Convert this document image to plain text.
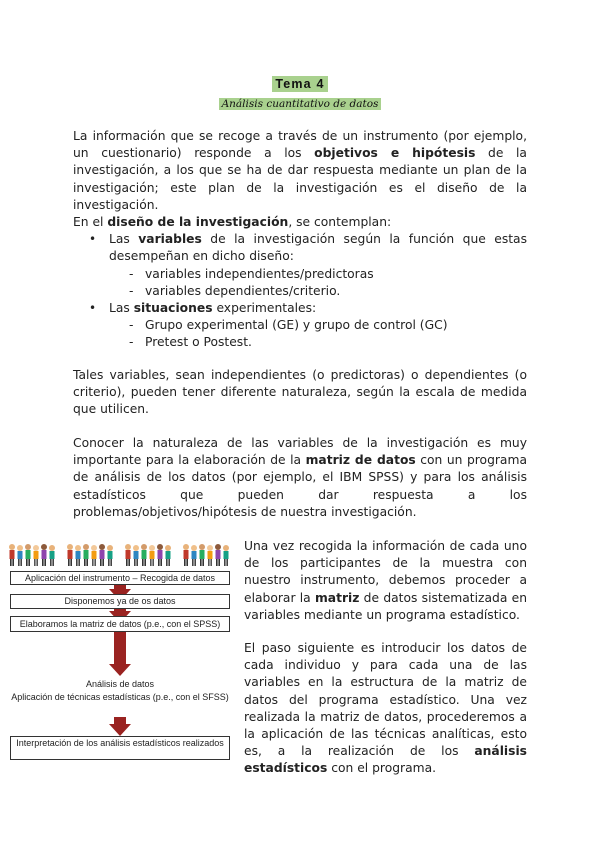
Tema 4
Análisis cuantitativo de datos
La información que se recoge a través de un instrumento (por ejemplo, un cuestionario) responde a los objetivos e hipótesis de la investigación, a los que se ha de dar respuesta mediante un plan de la investigación; este plan de la investigación es el diseño de la investigación.
En el diseño de la investigación, se contemplan:
• Las variables de la investigación según la función que estas desempeñan en dicho diseño:
- variables independientes/predictoras
- variables dependientes/criterio.
• Las situaciones experimentales:
- Grupo experimental (GE) y grupo de control (GC)
- Pretest o Postest.
Tales variables, sean independientes (o predictoras) o dependientes (o criterio), pueden tener diferente naturaleza, según la escala de medida que utilicen.
Conocer la naturaleza de las variables de la investigación es muy importante para la elaboración de la matriz de datos con un programa de análisis de los datos (por ejemplo, el IBM SPSS) y para los análisis estadísticos que pueden dar respuesta a los problemas/objetivos/hipótesis de nuestra investigación.
Aplicación del instrumento – Recogida de datos
Disponemos ya de os datos
Elaboramos la matriz de datos (p.e., con el SPSS)
Análisis de datos
Aplicación de técnicas estadísticas (p.e., con el SFSS)
Interpretación de los análisis estadísticos realizados
Una vez recogida la información de cada uno de los participantes de la muestra con nuestro instrumento, debemos proceder a elaborar la matriz de datos sistematizada en variables mediante un programa estadístico.
El paso siguiente es introducir los datos de cada individuo y para cada una de las variables en la estructura de la matriz de datos del programa estadístico. Una vez realizada la matriz de datos, procederemos a la aplicación de las técnicas analíticas, esto es, a la realización de los análisis estadísticos con el programa.
